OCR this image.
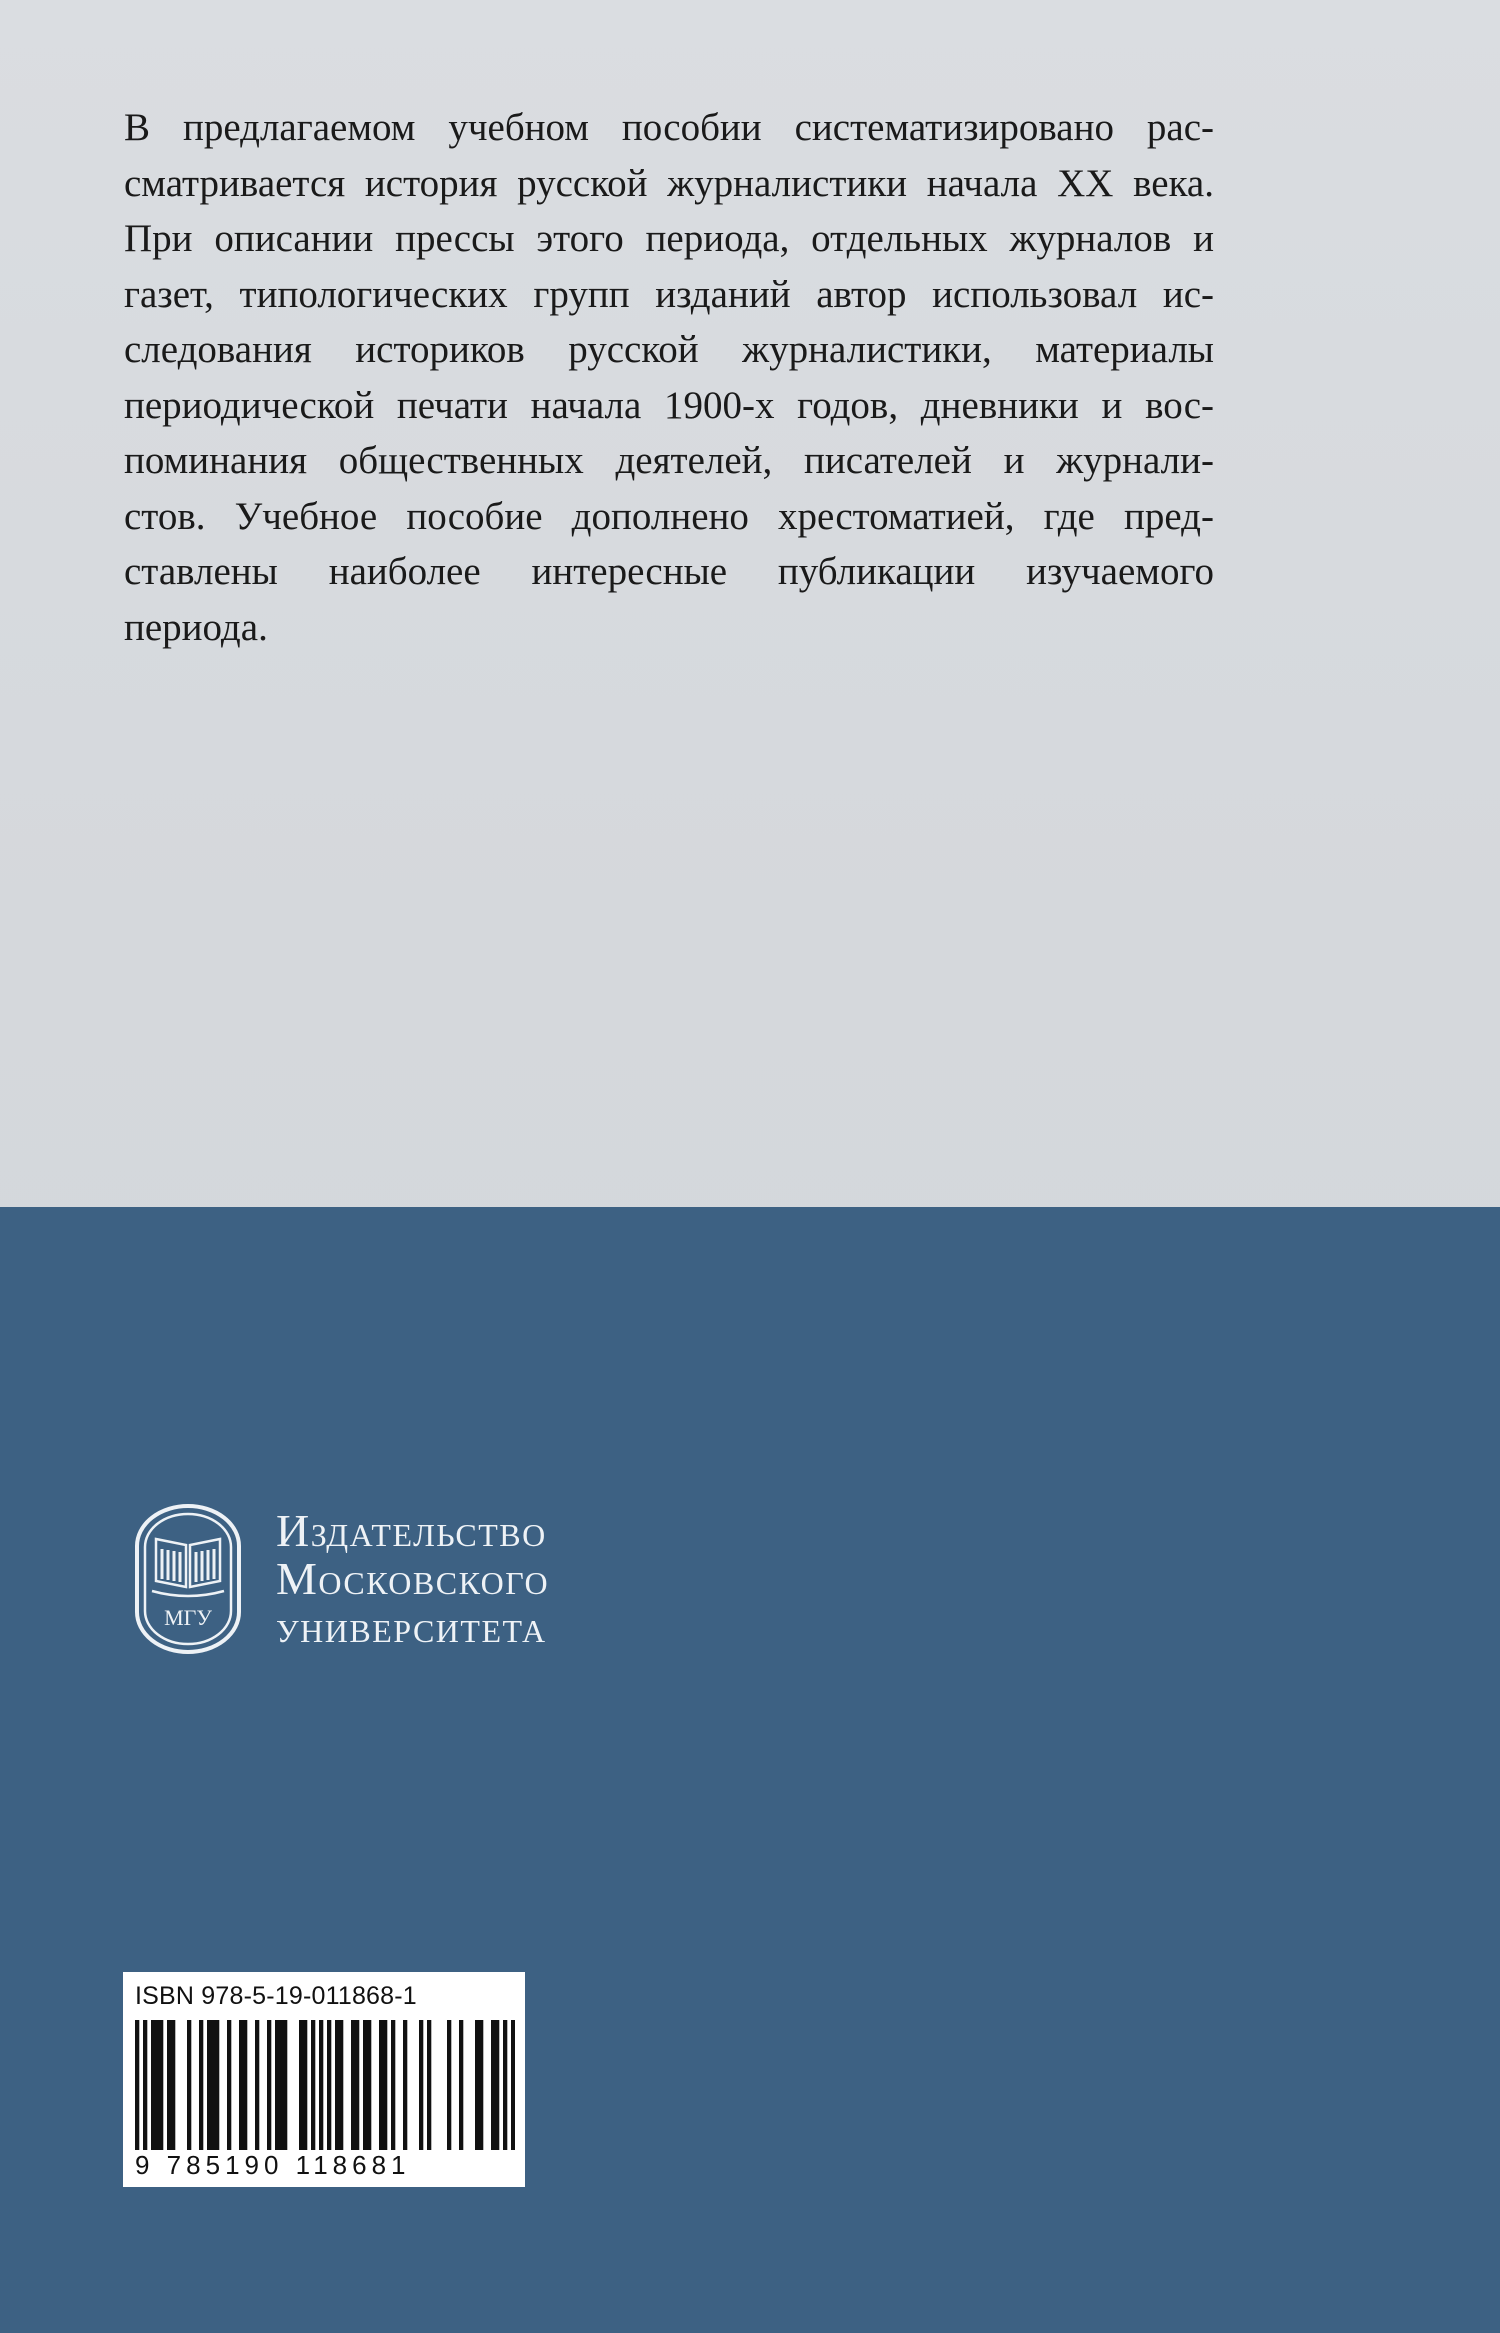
В предлагаемом учебном пособии систематизировано рас-
сматривается история русской журналистики начала XX века.
При описании прессы этого периода, отдельных журналов и
газет, типологических групп изданий автор использовал ис-
следования историков русской журналистики, материалы
периодической печати начала 1900-х годов, дневники и вос-
поминания общественных деятелей, писателей и журнали-
стов. Учебное пособие дополнено хрестоматией, где пред-
ставлены наиболее интересные публикации изучаемого
периода.
МГУ
Издательство
Московского
университета
ISBN 978-5-19-011868-1
9 785190 118681
